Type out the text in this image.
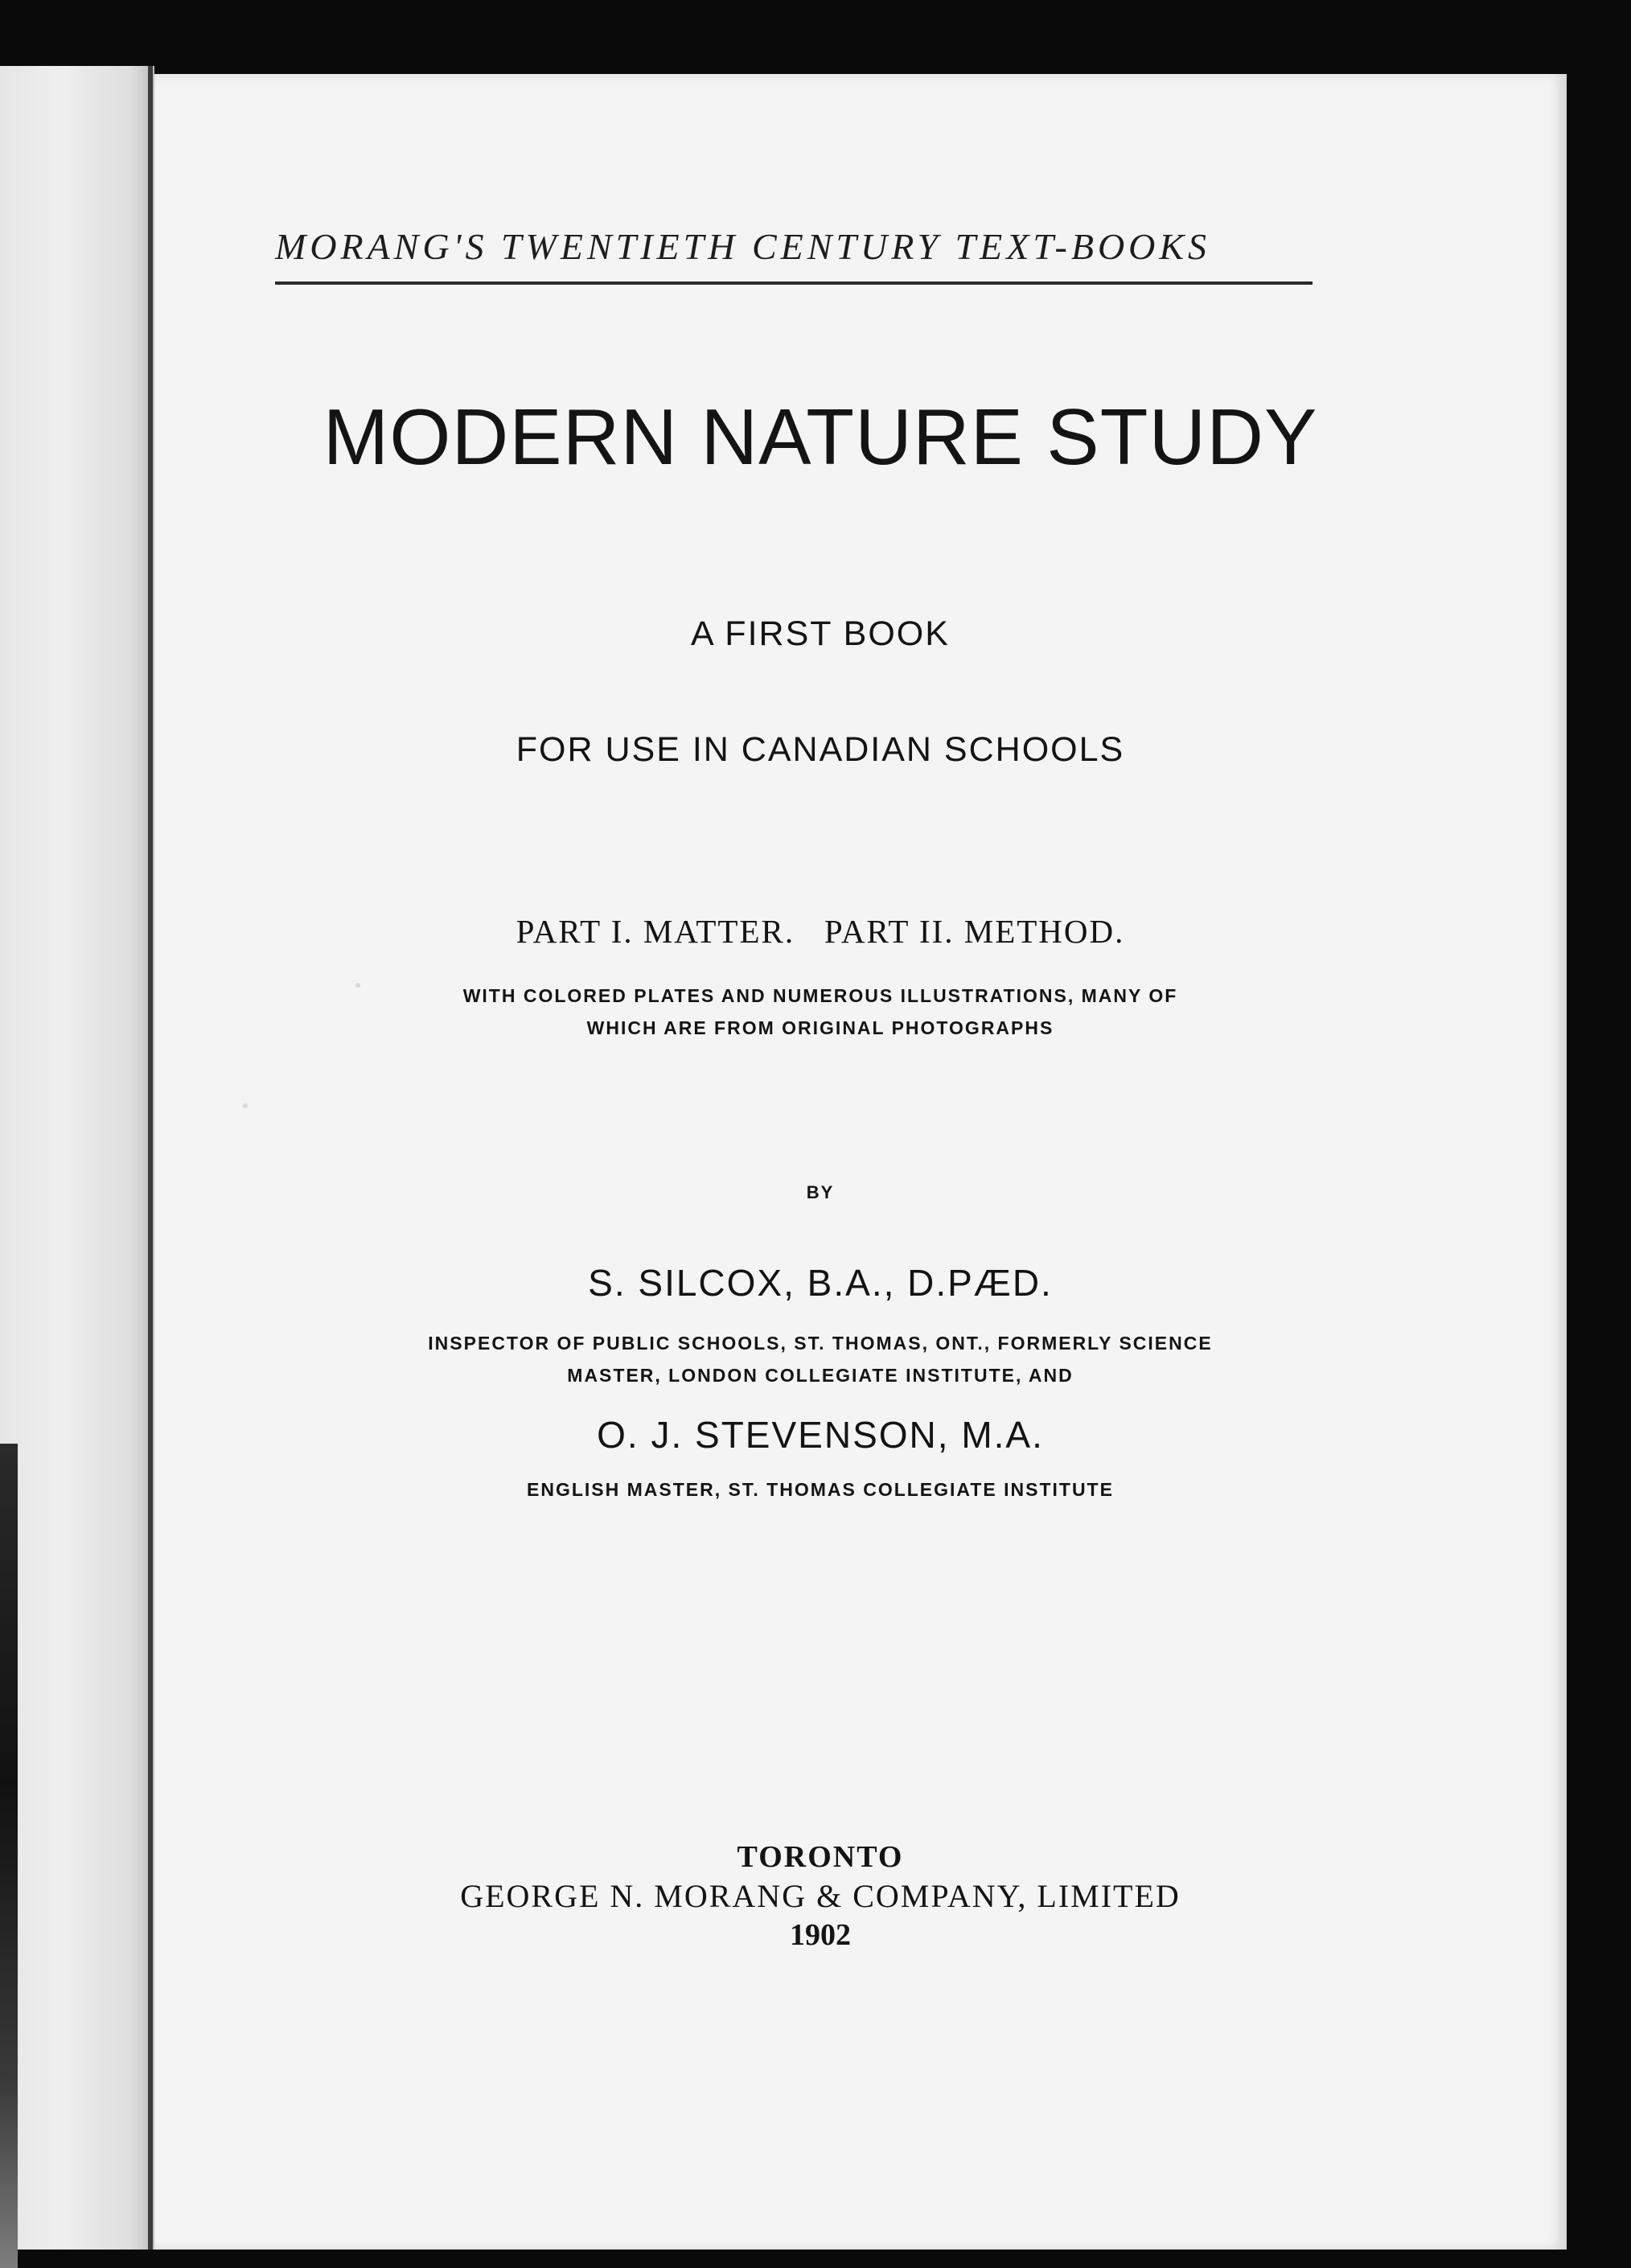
MORANG'S TWENTIETH CENTURY TEXT-BOOKS
MODERN NATURE STUDY
A FIRST BOOK
FOR USE IN CANADIAN SCHOOLS
PART I. MATTER.   PART II. METHOD.
WITH COLORED PLATES AND NUMEROUS ILLUSTRATIONS, MANY OF
WHICH ARE FROM ORIGINAL PHOTOGRAPHS
BY
S. SILCOX, B.A., D.PÆD.
INSPECTOR OF PUBLIC SCHOOLS, ST. THOMAS, ONT., FORMERLY SCIENCE
MASTER, LONDON COLLEGIATE INSTITUTE, AND
O. J. STEVENSON, M.A.
ENGLISH MASTER, ST. THOMAS COLLEGIATE INSTITUTE
TORONTO
GEORGE N. MORANG & COMPANY, LIMITED
1902
